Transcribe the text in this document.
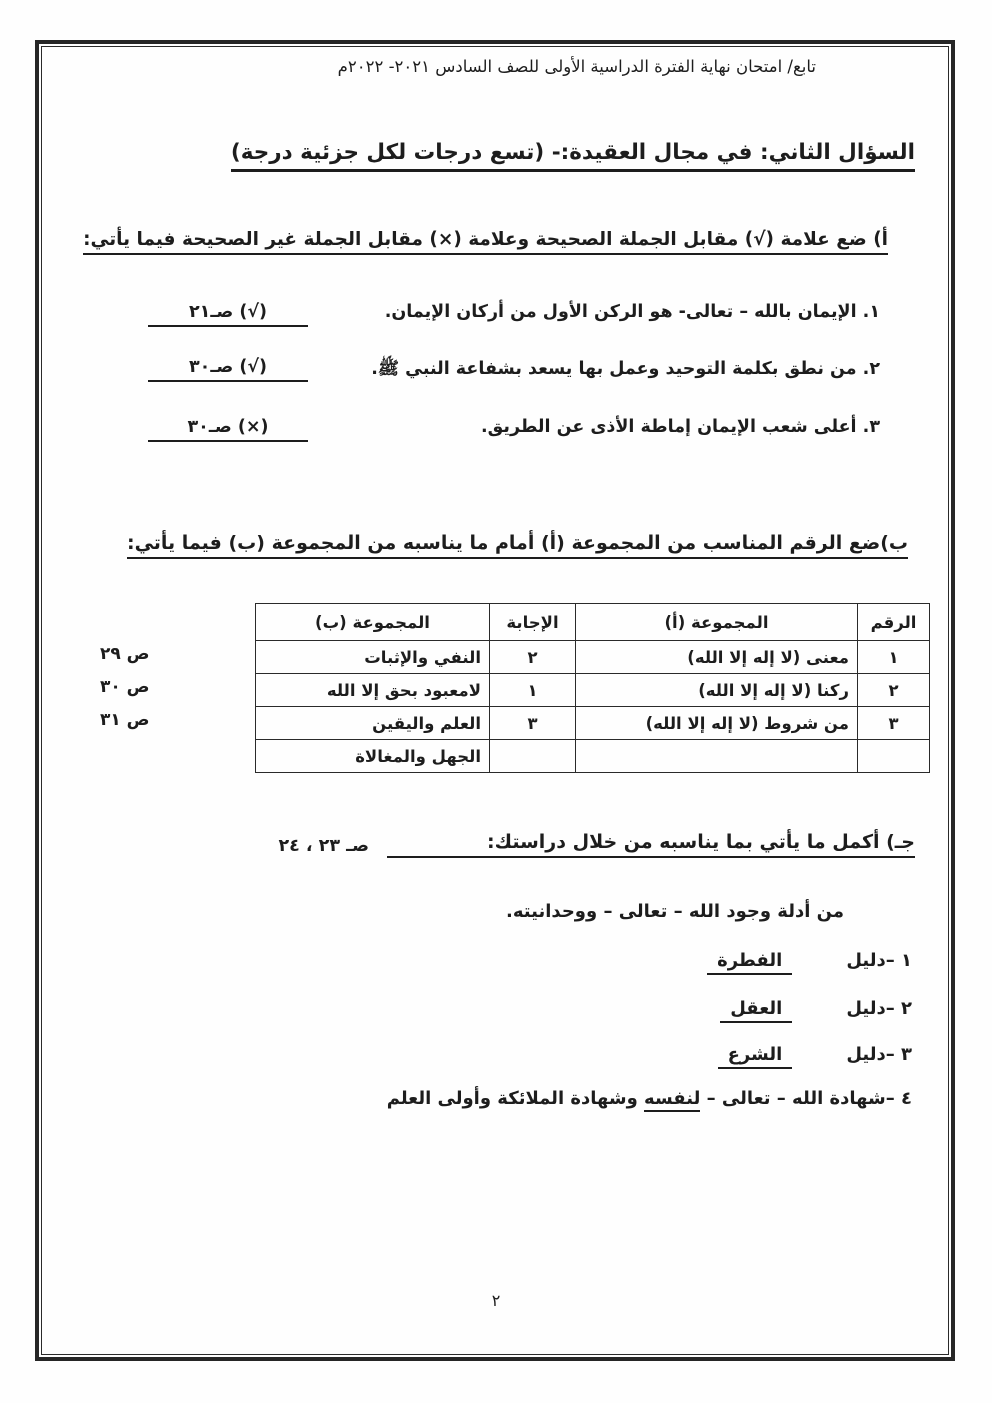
تابع/ امتحان نهاية الفترة الدراسية الأولى للصف السادس ٢٠٢١- ٢٠٢٢م
السؤال الثاني: في مجال العقيدة:- (تسع درجات لكل جزئية درجة)
أ) ضع علامة (√) مقابل الجملة الصحيحة وعلامة (×) مقابل الجملة غير الصحيحة فيما يأتي:
١. الإيمان بالله – تعالى- هو الركن الأول من أركان الإيمان.
(√) صـ٢١
٢. من نطق بكلمة التوحيد وعمل بها يسعد بشفاعة النبي ﷺ.
(√) صـ٣٠
٣. أعلى شعب الإيمان إماطة الأذى عن الطريق.
(×) صـ٣٠
ب)ضع الرقم المناسب من المجموعة (أ) أمام ما يناسبه من المجموعة (ب) فيما يأتي:
الرقم	المجموعة (أ)	الإجابة	المجموعة (ب)
١	معنى (لا إله إلا الله)	٢	النفي والإثبات
٢	ركنا (لا إله إلا الله)	١	لامعبود بحق إلا الله
٣	من شروط (لا إله إلا الله)	٣	العلم واليقين
			الجهل والمغالاة
ص ٢٩
ص ٣٠
ص ٣١
جـ) أكمل ما يأتي بما يناسبه من خلال دراستك:
صـ ٢٣ ، ٢٤
من أدلة وجود الله – تعالى – ووحدانيته.
١ –دليل
الفطرة
٢ –دليل
العقل
٣ –دليل
الشرع
٤ –شهادة الله – تعالى – لنفسه وشهادة الملائكة وأولى العلم
٢
